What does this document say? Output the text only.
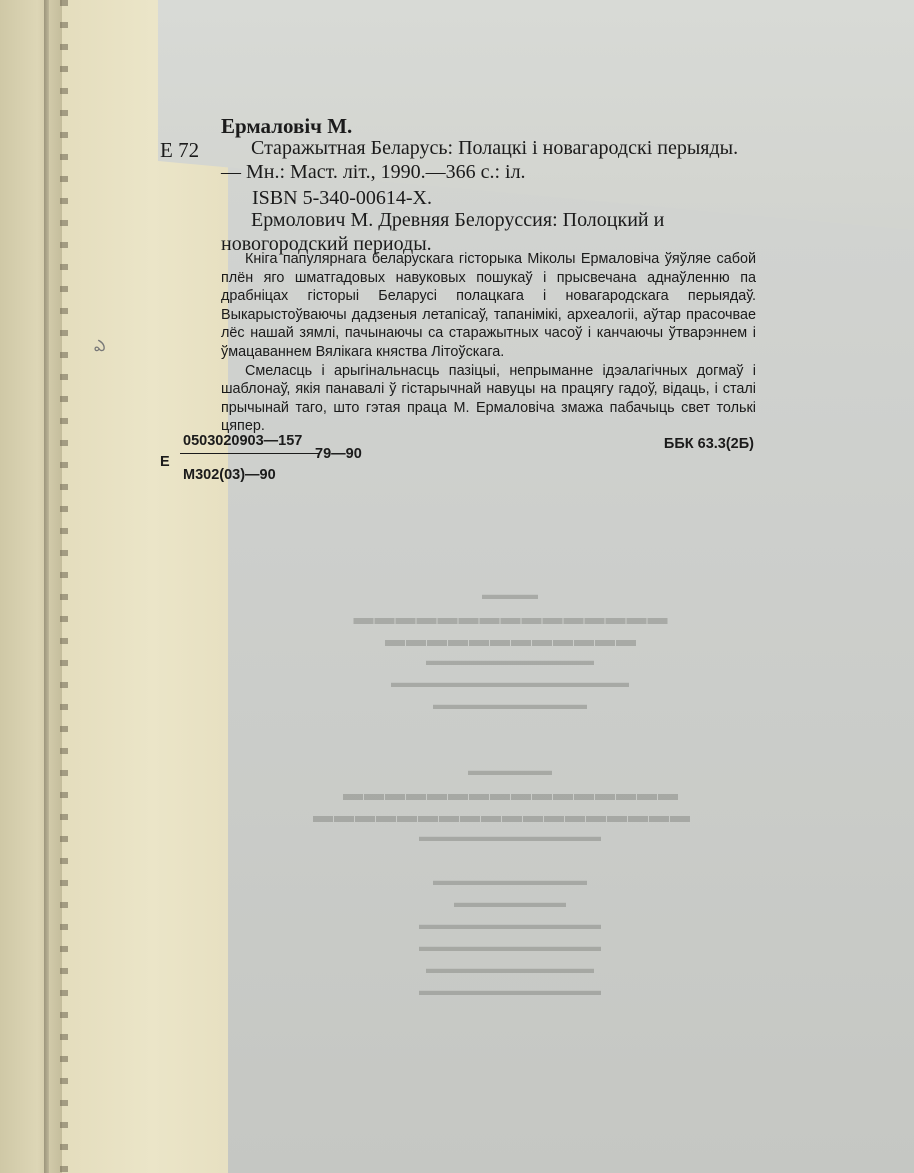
▬▬▬▬
▬▬▬▬▬▬▬▬▬▬▬▬▬▬▬
▬▬▬▬▬▬▬▬▬▬▬▬
▬▬▬▬▬▬▬▬▬▬▬▬
▬▬▬▬▬▬▬▬▬▬▬▬▬▬▬▬▬
▬▬▬▬▬▬▬▬▬▬▬

▬▬▬▬▬▬
▬▬▬▬▬▬▬▬▬▬▬▬▬▬▬▬
▬▬▬▬▬▬▬▬▬▬▬▬▬▬▬▬▬▬
▬▬▬▬▬▬▬▬▬▬▬▬▬

▬▬▬▬▬▬▬▬▬▬▬
▬▬▬▬▬▬▬▬
▬▬▬▬▬▬▬▬▬▬▬▬▬
▬▬▬▬▬▬▬▬▬▬▬▬▬
▬▬▬▬▬▬▬▬▬▬▬▬
▬▬▬▬▬▬▬▬▬▬▬▬▬
ఎ
Ермаловіч М.
Е 72	Старажытная Беларусь: Полацкі і новагародскі перыяды.— Мн.: Маст. літ., 1990.—366 с.: іл.

ISBN 5-340-00614-X.

Ермолович М. Древняя Белоруссия: Полоцкий и новогородский периоды.

Кніга папулярнага беларускага гісторыка Міколы Ермаловіча ўяўляе сабой плён яго шматгадовых навуковых пошукаў і прысвечана аднаўленню па драбніцах гісторыі Беларусі полацкага і новагародскага перыядаў. Выкарыстоўваючы дадзеныя летапісаў, тапанімікі, археалогіі, аўтар прасочвае лёс нашай зямлі, пачынаючы са старажытных часоў і канчаючы ўтварэннем і ўмацаваннем Вялікага княства Літоўскага.

Смеласць і арыгінальнасць пазіцыі, непрыманне ідэалагічных догмаў і шаблонаў, якія панавалі ў гістарычнай навуцы на працягу гадоў, відаць, і сталі прычынай таго, што гэтая праца М. Ермаловіча змажа пабачыць свет толькі цяпер.

Е
0503020903—157
79—90
М302(03)—90
ББК 63.3(2Б)
